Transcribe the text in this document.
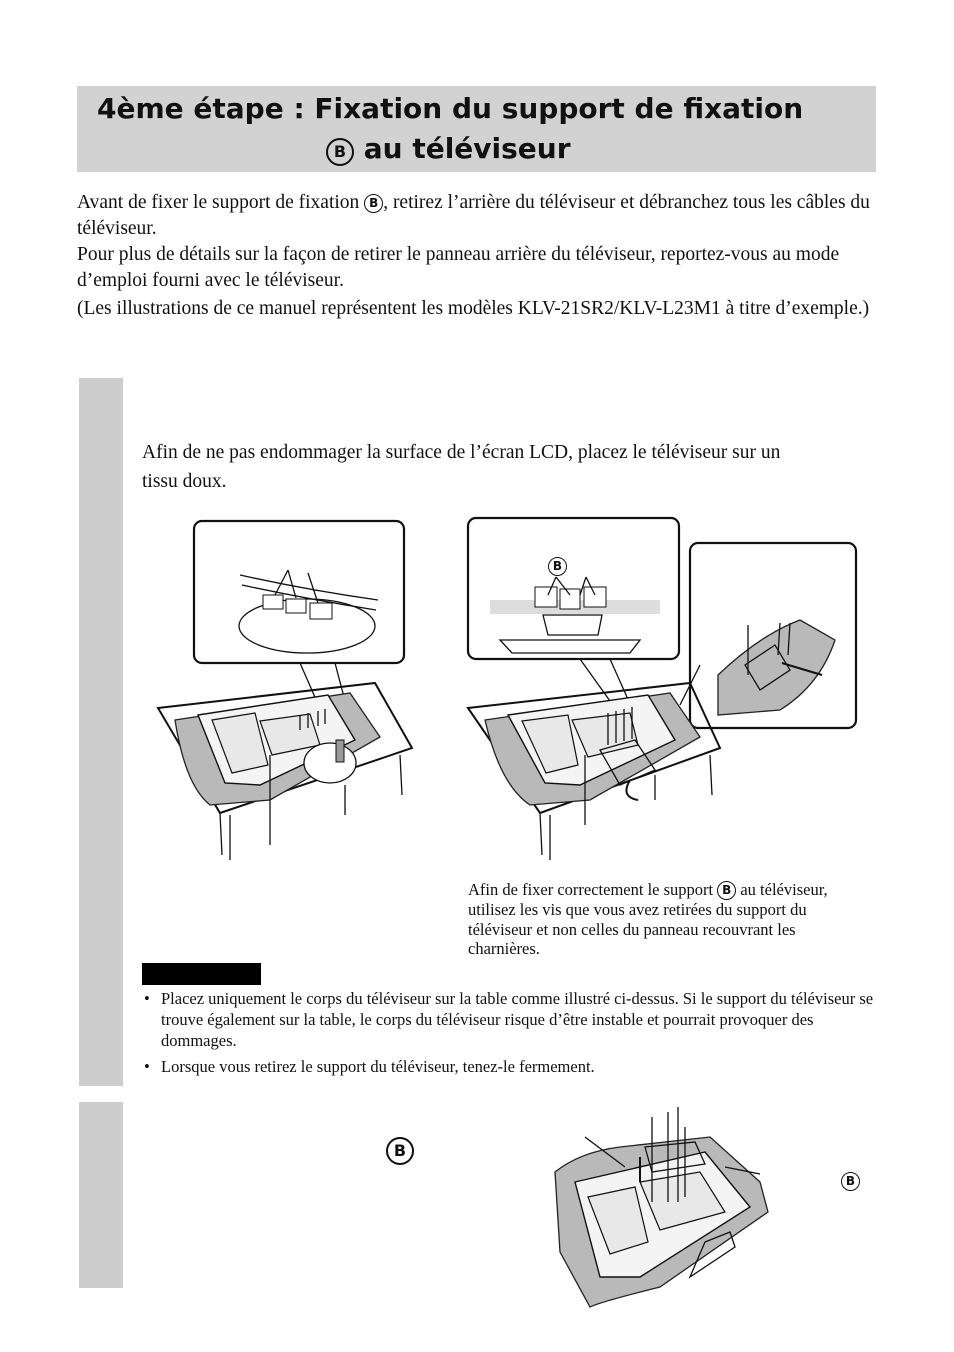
4ème étape : Fixation du support de fixation
B au téléviseur

Avant de fixer le support de fixation B , retirez l’arrière du téléviseur et débranchez tous les câbles du téléviseur.

Pour plus de détails sur la façon de retirer le panneau arrière du téléviseur, reportez-vous au mode d’emploi fourni avec le téléviseur.

(Les illustrations de ce manuel représentent les modèles KLV-21SR2/KLV-L23M1 à titre d’exemple.)

Afin de ne pas endommager la surface de l’écran LCD, placez le téléviseur sur un tissu doux.
B
Afin de fixer correctement le support B au téléviseur, utilisez les vis que vous avez retirées du support du téléviseur et non celles du panneau recouvrant les charnières.
• Placez uniquement le corps du téléviseur sur la table comme illustré ci-dessus. Si le support du téléviseur se trouve également sur la table, le corps du téléviseur risque d’être instable et pourrait provoquer des dommages.
• Lorsque vous retirez le support du téléviseur, tenez-le fermement.
B
B
